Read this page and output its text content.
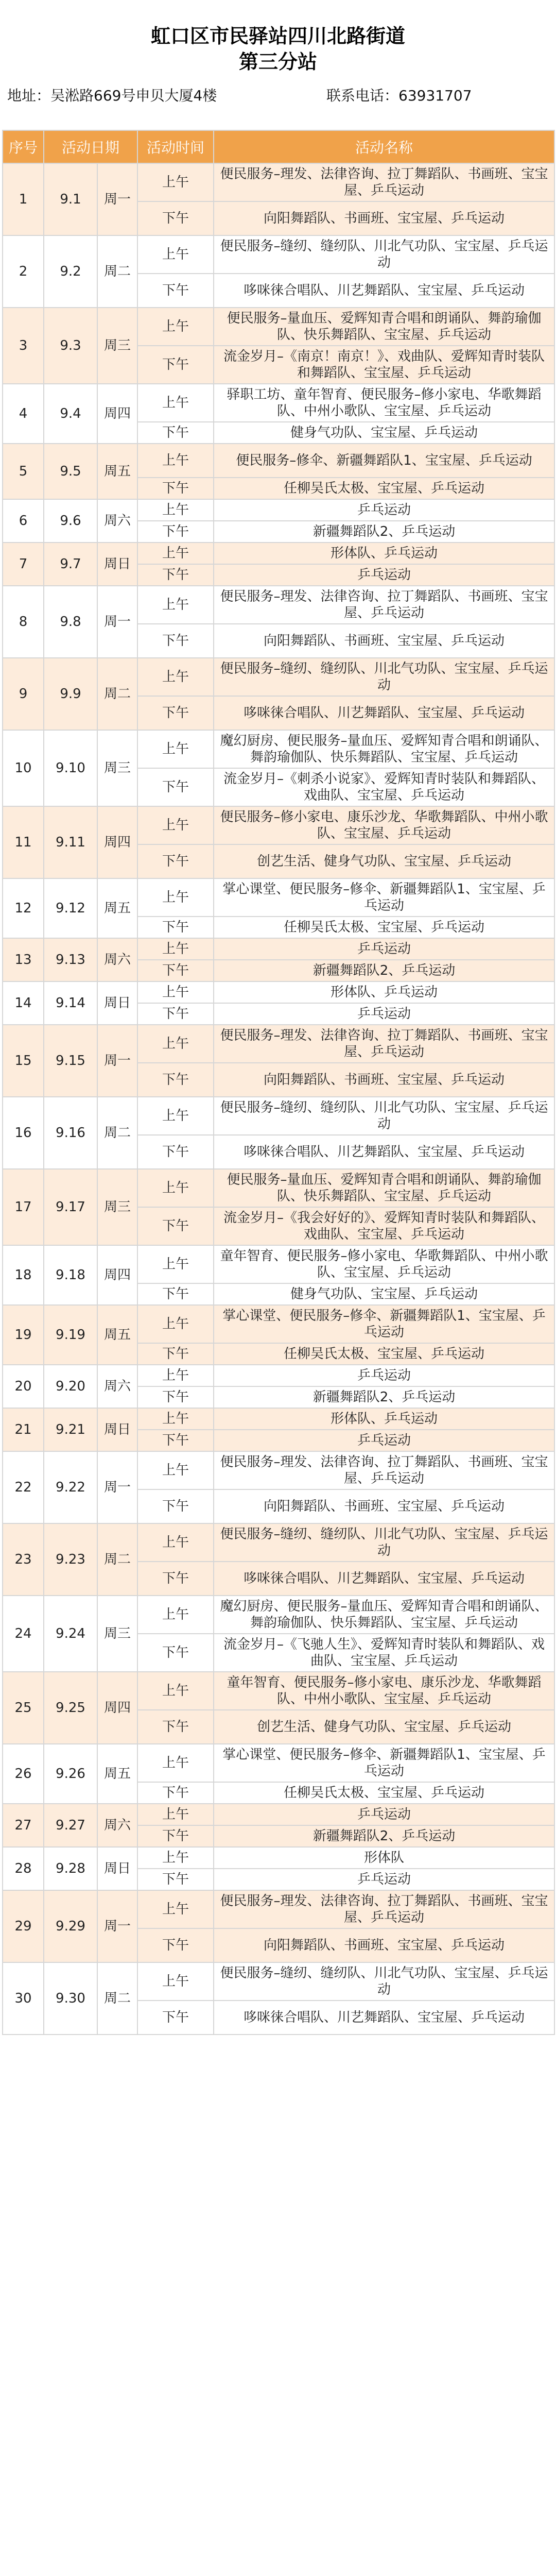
虹口区市民驿站四川北路街道
第三分站
地址：吴淞路669号申贝大厦4楼	联系电话：63931707
序号	活动日期		活动时间	活动名称
1	9.1	周一	上午	便民服务–理发、法律咨询、拉丁舞蹈队、书画班、宝宝屋、乒乓运动
			下午	向阳舞蹈队、书画班、宝宝屋、乒乓运动
2	9.2	周二	上午	便民服务–缝纫、缝纫队、川北气功队、宝宝屋、乒乓运动
			下午	哆咪徕合唱队、川艺舞蹈队、宝宝屋、乒乓运动
3	9.3	周三	上午	便民服务–量血压、爱辉知青合唱和朗诵队、舞韵瑜伽队、快乐舞蹈队、宝宝屋、乒乓运动
			下午	流金岁月–《南京！南京！》、戏曲队、爱辉知青时装队和舞蹈队、宝宝屋、乒乓运动
4	9.4	周四	上午	驿职工坊、童年智育、便民服务–修小家电、华歌舞蹈队、中州小歌队、宝宝屋、乒乓运动
			下午	健身气功队、宝宝屋、乒乓运动
5	9.5	周五	上午	便民服务–修伞、新疆舞蹈队1、宝宝屋、乒乓运动
			下午	任柳吴氏太极、宝宝屋、乒乓运动
6	9.6	周六	上午	乒乓运动
			下午	新疆舞蹈队2、乒乓运动
7	9.7	周日	上午	形体队、乒乓运动
			下午	乒乓运动
8	9.8	周一	上午	便民服务–理发、法律咨询、拉丁舞蹈队、书画班、宝宝屋、乒乓运动
			下午	向阳舞蹈队、书画班、宝宝屋、乒乓运动
9	9.9	周二	上午	便民服务–缝纫、缝纫队、川北气功队、宝宝屋、乒乓运动
			下午	哆咪徕合唱队、川艺舞蹈队、宝宝屋、乒乓运动
10	9.10	周三	上午	魔幻厨房、便民服务–量血压、爱辉知青合唱和朗诵队、舞韵瑜伽队、快乐舞蹈队、宝宝屋、乒乓运动
			下午	流金岁月–《刺杀小说家》、爱辉知青时装队和舞蹈队、戏曲队、宝宝屋、乒乓运动
11	9.11	周四	上午	便民服务–修小家电、康乐沙龙、华歌舞蹈队、中州小歌队、宝宝屋、乒乓运动
			下午	创艺生活、健身气功队、宝宝屋、乒乓运动
12	9.12	周五	上午	掌心课堂、便民服务–修伞、新疆舞蹈队1、宝宝屋、乒乓运动
			下午	任柳吴氏太极、宝宝屋、乒乓运动
13	9.13	周六	上午	乒乓运动
			下午	新疆舞蹈队2、乒乓运动
14	9.14	周日	上午	形体队、乒乓运动
			下午	乒乓运动
15	9.15	周一	上午	便民服务–理发、法律咨询、拉丁舞蹈队、书画班、宝宝屋、乒乓运动
			下午	向阳舞蹈队、书画班、宝宝屋、乒乓运动
16	9.16	周二	上午	便民服务–缝纫、缝纫队、川北气功队、宝宝屋、乒乓运动
			下午	哆咪徕合唱队、川艺舞蹈队、宝宝屋、乒乓运动
17	9.17	周三	上午	便民服务–量血压、爱辉知青合唱和朗诵队、舞韵瑜伽队、快乐舞蹈队、宝宝屋、乒乓运动
			下午	流金岁月–《我会好好的》、爱辉知青时装队和舞蹈队、戏曲队、宝宝屋、乒乓运动
18	9.18	周四	上午	童年智育、便民服务–修小家电、华歌舞蹈队、中州小歌队、宝宝屋、乒乓运动
			下午	健身气功队、宝宝屋、乒乓运动
19	9.19	周五	上午	掌心课堂、便民服务–修伞、新疆舞蹈队1、宝宝屋、乒乓运动
			下午	任柳吴氏太极、宝宝屋、乒乓运动
20	9.20	周六	上午	乒乓运动
			下午	新疆舞蹈队2、乒乓运动
21	9.21	周日	上午	形体队、乒乓运动
			下午	乒乓运动
22	9.22	周一	上午	便民服务–理发、法律咨询、拉丁舞蹈队、书画班、宝宝屋、乒乓运动
			下午	向阳舞蹈队、书画班、宝宝屋、乒乓运动
23	9.23	周二	上午	便民服务–缝纫、缝纫队、川北气功队、宝宝屋、乒乓运动
			下午	哆咪徕合唱队、川艺舞蹈队、宝宝屋、乒乓运动
24	9.24	周三	上午	魔幻厨房、便民服务–量血压、爱辉知青合唱和朗诵队、舞韵瑜伽队、快乐舞蹈队、宝宝屋、乒乓运动
			下午	流金岁月–《飞驰人生》、爱辉知青时装队和舞蹈队、戏曲队、宝宝屋、乒乓运动
25	9.25	周四	上午	童年智育、便民服务–修小家电、康乐沙龙、华歌舞蹈队、中州小歌队、宝宝屋、乒乓运动
			下午	创艺生活、健身气功队、宝宝屋、乒乓运动
26	9.26	周五	上午	掌心课堂、便民服务–修伞、新疆舞蹈队1、宝宝屋、乒乓运动
			下午	任柳吴氏太极、宝宝屋、乒乓运动
27	9.27	周六	上午	乒乓运动
			下午	新疆舞蹈队2、乒乓运动
28	9.28	周日	上午	形体队
			下午	乒乓运动
29	9.29	周一	上午	便民服务–理发、法律咨询、拉丁舞蹈队、书画班、宝宝屋、乒乓运动
			下午	向阳舞蹈队、书画班、宝宝屋、乒乓运动
30	9.30	周二	上午	便民服务–缝纫、缝纫队、川北气功队、宝宝屋、乒乓运动
			下午	哆咪徕合唱队、川艺舞蹈队、宝宝屋、乒乓运动
